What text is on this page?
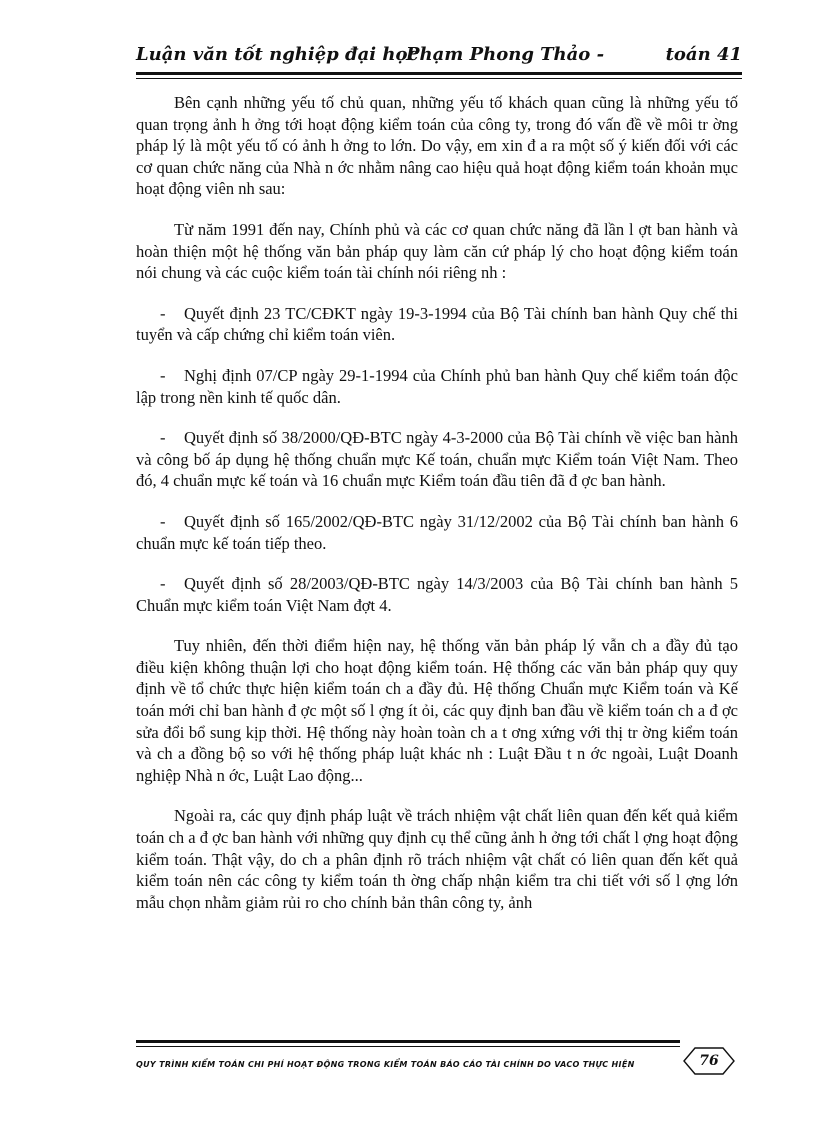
Luận văn tốt nghiệp đại học
Phạm Phong Thảo -	toán 41

Bên cạnh những yếu tố chủ quan, những yếu tố khách quan cũng là những yếu tố quan trọng ảnh h ởng tới hoạt động kiểm toán của công ty, trong đó vấn đề về môi tr ờng pháp lý là một yếu tố có ảnh h ởng to lớn. Do vậy, em xin đ a ra một số ý kiến đối với các cơ quan chức năng của Nhà n ớc nhằm nâng cao hiệu quả hoạt động kiểm toán khoản mục hoạt động viên nh sau:

Từ năm 1991 đến nay, Chính phủ và các cơ quan chức năng đã lần l ợt ban hành và hoàn thiện một hệ thống văn bản pháp quy làm căn cứ pháp lý cho hoạt động kiểm toán nói chung và các cuộc kiểm toán tài chính nói riêng nh :

- Quyết định 23 TC/CĐKT ngày 19-3-1994 của Bộ Tài chính ban hành Quy chế thi tuyển và cấp chứng chỉ kiểm toán viên.

- Nghị định 07/CP ngày 29-1-1994 của Chính phủ ban hành Quy chế kiểm toán độc lập trong nền kinh tế quốc dân.

- Quyết định số 38/2000/QĐ-BTC ngày 4-3-2000 của Bộ Tài chính về việc ban hành và công bố áp dụng hệ thống chuẩn mực Kế toán, chuẩn mực Kiểm toán Việt Nam. Theo đó, 4 chuẩn mực kế toán và 16 chuẩn mực Kiểm toán đầu tiên đã đ ợc ban hành.

- Quyết định số 165/2002/QĐ-BTC ngày 31/12/2002 của Bộ Tài chính ban hành 6 chuẩn mực kế toán tiếp theo.

- Quyết định số 28/2003/QĐ-BTC ngày 14/3/2003 của Bộ Tài chính ban hành 5 Chuẩn mực kiểm toán Việt Nam đợt 4.

Tuy nhiên, đến thời điểm hiện nay, hệ thống văn bản pháp lý vẫn ch a đầy đủ tạo điều kiện không thuận lợi cho hoạt động kiểm toán. Hệ thống các văn bản pháp quy quy định về tổ chức thực hiện kiểm toán ch a đầy đủ. Hệ thống Chuẩn mực Kiểm toán và Kế toán mới chỉ ban hành đ ợc một số l ợng ít ỏi, các quy định ban đầu về kiểm toán ch a đ ợc sửa đổi bổ sung kịp thời. Hệ thống này hoàn toàn ch a t ơng xứng với thị tr ờng kiểm toán và ch a đồng bộ so với hệ thống pháp luật khác nh : Luật Đầu t n ớc ngoài, Luật Doanh nghiệp Nhà n ớc, Luật Lao động...

Ngoài ra, các quy định pháp luật về trách nhiệm vật chất liên quan đến kết quả kiểm toán ch a đ ợc ban hành với những quy định cụ thể cũng ảnh h ởng tới chất l ợng hoạt động kiểm toán. Thật vậy, do ch a phân định rõ trách nhiệm vật chất có liên quan đến kết quả kiểm toán nên các công ty kiểm toán th ờng chấp nhận kiểm tra chi tiết với số l ợng lớn mẫu chọn nhằm giảm rủi ro cho chính bản thân công ty, ảnh

QUY TRÌNH KIỂM TOÁN CHI PHÍ HOẠT ĐỘNG TRONG KIỂM TOÁN BÁO CÁO TÀI CHÍNH DO VACO THỰC HIỆN	76
